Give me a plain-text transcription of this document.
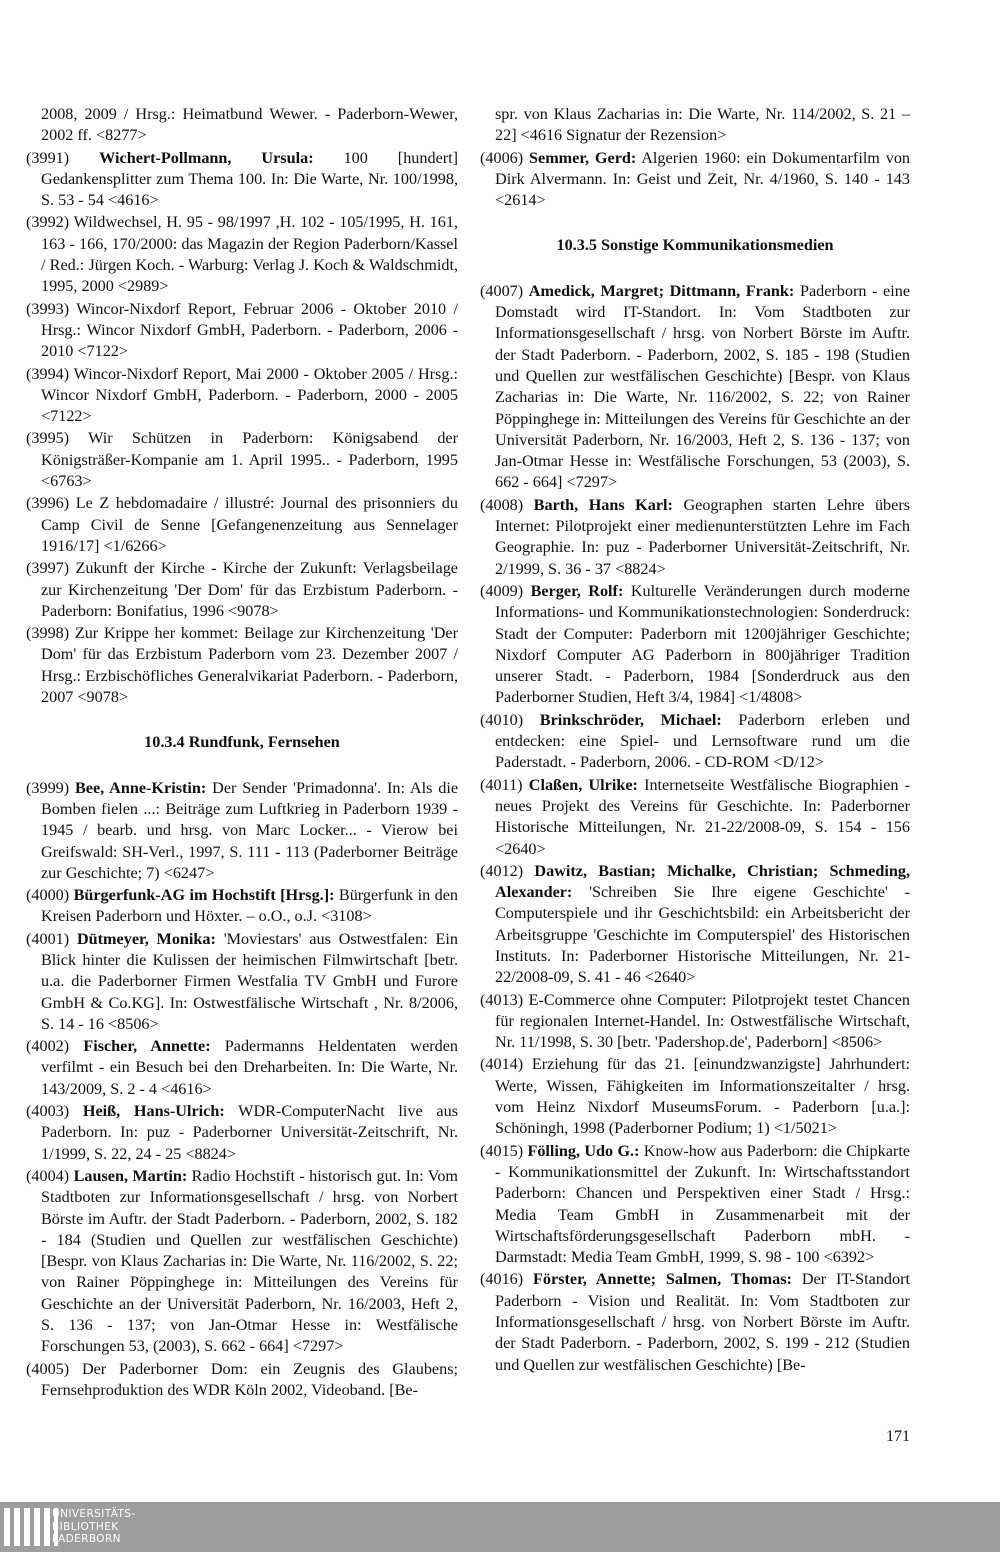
2008, 2009 / Hrsg.: Heimatbund Wewer. - Paderborn-Wewer, 2002 ff. <8277>
(3991) Wichert-Pollmann, Ursula: 100 [hundert] Gedankensplitter zum Thema 100. In: Die Warte, Nr. 100/1998, S. 53 - 54 <4616>
(3992) Wildwechsel, H. 95 - 98/1997 ,H. 102 - 105/1995, H. 161, 163 - 166, 170/2000: das Magazin der Region Paderborn/Kassel / Red.: Jürgen Koch. - Warburg: Verlag J. Koch & Waldschmidt, 1995, 2000 <2989>
(3993) Wincor-Nixdorf Report, Februar 2006 - Oktober 2010 / Hrsg.: Wincor Nixdorf GmbH, Paderborn. - Paderborn, 2006 - 2010 <7122>
(3994) Wincor-Nixdorf Report, Mai 2000 - Oktober 2005 / Hrsg.: Wincor Nixdorf GmbH, Paderborn. - Paderborn, 2000 - 2005 <7122>
(3995) Wir Schützen in Paderborn: Königsabend der Königsträßer-Kompanie am 1. April 1995.. - Paderborn, 1995 <6763>
(3996) Le Z hebdomadaire / illustré: Journal des prisonniers du Camp Civil de Senne [Gefangenenzeitung aus Sennelager 1916/17] <1/6266>
(3997) Zukunft der Kirche - Kirche der Zukunft: Verlagsbeilage zur Kirchenzeitung 'Der Dom' für das Erzbistum Paderborn. - Paderborn: Bonifatius, 1996 <9078>
(3998) Zur Krippe her kommet: Beilage zur Kirchenzeitung 'Der Dom' für das Erzbistum Paderborn vom 23. Dezember 2007 / Hrsg.: Erzbischöfliches Generalvikariat Paderborn. - Paderborn, 2007 <9078>
10.3.4 Rundfunk, Fernsehen
(3999) Bee, Anne-Kristin: Der Sender 'Primadonna'. In: Als die Bomben fielen ...: Beiträge zum Luftkrieg in Paderborn 1939 - 1945 / bearb. und hrsg. von Marc Locker... - Vierow bei Greifswald: SH-Verl., 1997, S. 111 - 113 (Paderborner Beiträge zur Geschichte; 7) <6247>
(4000) Bürgerfunk-AG im Hochstift [Hrsg.]: Bürgerfunk in den Kreisen Paderborn und Höxter. – o.O., o.J. <3108>
(4001) Dütmeyer, Monika: 'Moviestars' aus Ostwestfalen: Ein Blick hinter die Kulissen der heimischen Filmwirtschaft [betr. u.a. die Paderborner Firmen Westfalia TV GmbH und Furore GmbH & Co.KG]. In: Ostwestfälische Wirtschaft , Nr. 8/2006, S. 14 - 16 <8506>
(4002) Fischer, Annette: Padermanns Heldentaten werden verfilmt - ein Besuch bei den Dreharbeiten. In: Die Warte, Nr. 143/2009, S. 2 - 4 <4616>
(4003) Heiß, Hans-Ulrich: WDR-ComputerNacht live aus Paderborn. In: puz - Paderborner Universität-Zeitschrift, Nr. 1/1999, S. 22, 24 - 25 <8824>
(4004) Lausen, Martin: Radio Hochstift - historisch gut. In: Vom Stadtboten zur Informationsgesellschaft / hrsg. von Norbert Börste im Auftr. der Stadt Paderborn. - Paderborn, 2002, S. 182 - 184 (Studien und Quellen zur westfälischen Geschichte) [Bespr. von Klaus Zacharias in: Die Warte, Nr. 116/2002, S. 22; von Rainer Pöppinghege in: Mitteilungen des Vereins für Geschichte an der Universität Paderborn, Nr. 16/2003, Heft 2, S. 136 - 137; von Jan-Otmar Hesse in: Westfälische Forschungen 53, (2003), S. 662 - 664] <7297>
(4005) Der Paderborner Dom: ein Zeugnis des Glaubens; Fernsehproduktion des WDR Köln 2002, Videoband. [Be-
spr. von Klaus Zacharias in: Die Warte, Nr. 114/2002, S. 21 – 22] <4616 Signatur der Rezension>
(4006) Semmer, Gerd: Algerien 1960: ein Dokumentarfilm von Dirk Alvermann. In: Geist und Zeit, Nr. 4/1960, S. 140 - 143 <2614>
10.3.5 Sonstige Kommunikationsmedien
(4007) Amedick, Margret; Dittmann, Frank: Paderborn - eine Domstadt wird IT-Standort. In: Vom Stadtboten zur Informationsgesellschaft / hrsg. von Norbert Börste im Auftr. der Stadt Paderborn. - Paderborn, 2002, S. 185 - 198 (Studien und Quellen zur westfälischen Geschichte) [Bespr. von Klaus Zacharias in: Die Warte, Nr. 116/2002, S. 22; von Rainer Pöppinghege in: Mitteilungen des Vereins für Geschichte an der Universität Paderborn, Nr. 16/2003, Heft 2, S. 136 - 137; von Jan-Otmar Hesse in: Westfälische Forschungen, 53 (2003), S. 662 - 664] <7297>
(4008) Barth, Hans Karl: Geographen starten Lehre übers Internet: Pilotprojekt einer medienunterstützten Lehre im Fach Geographie. In: puz - Paderborner Universität-Zeitschrift, Nr. 2/1999, S. 36 - 37 <8824>
(4009) Berger, Rolf: Kulturelle Veränderungen durch moderne Informations- und Kommunikationstechnologien: Sonderdruck: Stadt der Computer: Paderborn mit 1200jähriger Geschichte; Nixdorf Computer AG Paderborn in 800jähriger Tradition unserer Stadt. - Paderborn, 1984 [Sonderdruck aus den Paderborner Studien, Heft 3/4, 1984] <1/4808>
(4010) Brinkschröder, Michael: Paderborn erleben und entdecken: eine Spiel- und Lernsoftware rund um die Paderstadt. - Paderborn, 2006. - CD-ROM <D/12>
(4011) Claßen, Ulrike: Internetseite Westfälische Biographien - neues Projekt des Vereins für Geschichte. In: Paderborner Historische Mitteilungen, Nr. 21-22/2008-09, S. 154 - 156 <2640>
(4012) Dawitz, Bastian; Michalke, Christian; Schmeding, Alexander: 'Schreiben Sie Ihre eigene Geschichte' - Computerspiele und ihr Geschichtsbild: ein Arbeitsbericht der Arbeitsgruppe 'Geschichte im Computerspiel' des Historischen Instituts. In: Paderborner Historische Mitteilungen, Nr. 21-22/2008-09, S. 41 - 46 <2640>
(4013) E-Commerce ohne Computer: Pilotprojekt testet Chancen für regionalen Internet-Handel. In: Ostwestfälische Wirtschaft, Nr. 11/1998, S. 30 [betr. 'Padershop.de', Paderborn] <8506>
(4014) Erziehung für das 21. [einundzwanzigste] Jahrhundert: Werte, Wissen, Fähigkeiten im Informationszeitalter / hrsg. vom Heinz Nixdorf MuseumsForum. - Paderborn [u.a.]: Schöningh, 1998 (Paderborner Podium; 1) <1/5021>
(4015) Fölling, Udo G.: Know-how aus Paderborn: die Chipkarte - Kommunikationsmittel der Zukunft. In: Wirtschaftsstandort Paderborn: Chancen und Perspektiven einer Stadt / Hrsg.: Media Team GmbH in Zusammenarbeit mit der Wirtschaftsförderungsgesellschaft Paderborn mbH. - Darmstadt: Media Team GmbH, 1999, S. 98 - 100 <6392>
(4016) Förster, Annette; Salmen, Thomas: Der IT-Standort Paderborn - Vision und Realität. In: Vom Stadtboten zur Informationsgesellschaft / hrsg. von Norbert Börste im Auftr. der Stadt Paderborn. - Paderborn, 2002, S. 199 - 212 (Studien und Quellen zur westfälischen Geschichte) [Be-
171
UNIVERSITÄTS-
BIBLIOTHEK
PADERBORN
